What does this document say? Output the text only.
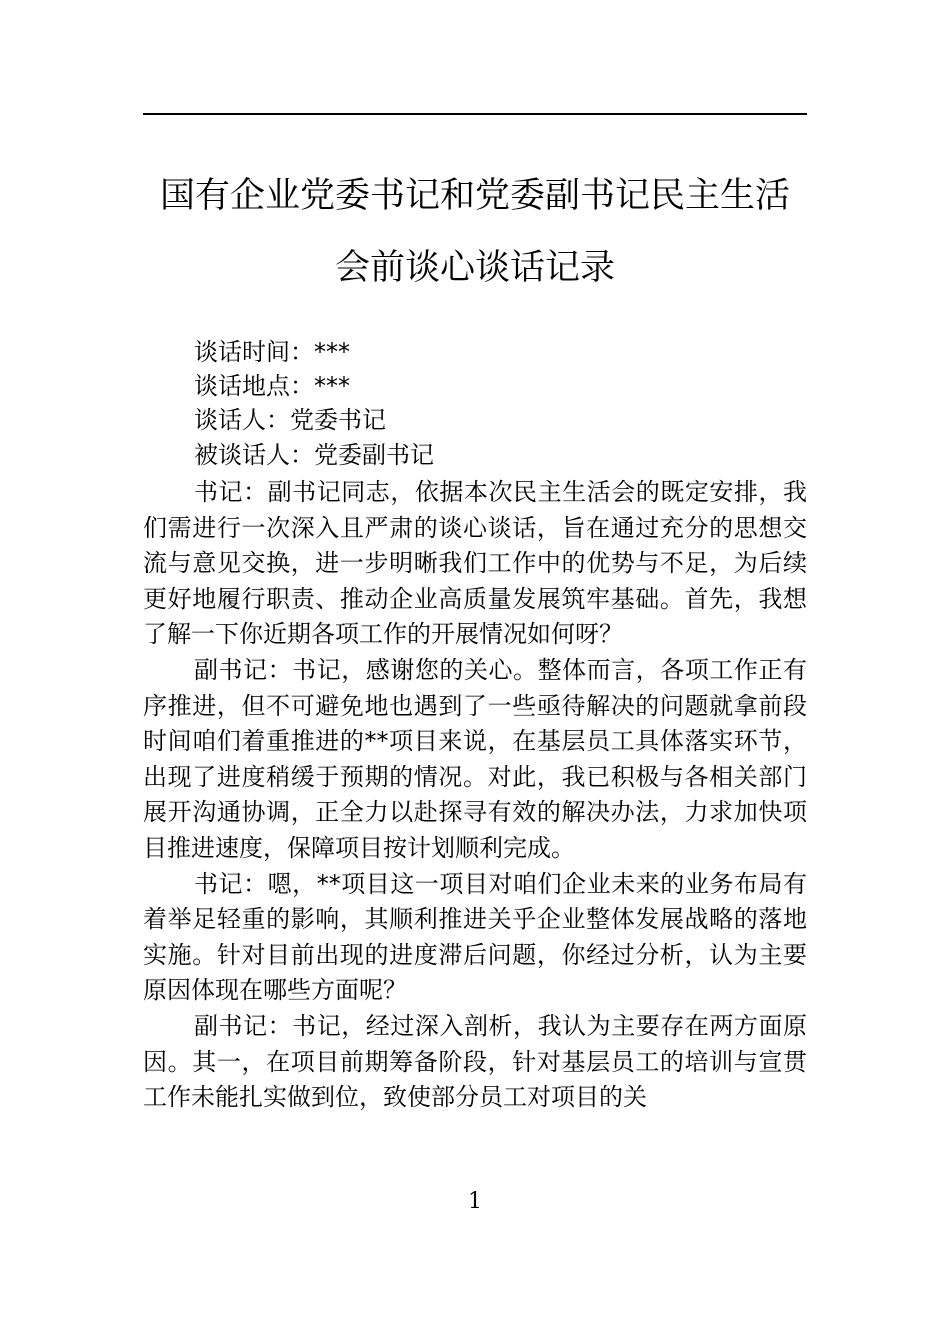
国有企业党委书记和党委副书记民主生活
会前谈心谈话记录
谈话时间：***
谈话地点：***
谈话人：党委书记
被谈话人：党委副书记

书记：副书记同志，依据本次民主生活会的既定安排，我们需进行一次深入且严肃的谈心谈话，旨在通过充分的思想交流与意见交换，进一步明晰我们工作中的优势与不足，为后续更好地履行职责、推动企业高质量发展筑牢基础。首先，我想了解一下你近期各项工作的开展情况如何呀？

副书记：书记，感谢您的关心。整体而言，各项工作正有序推进，但不可避免地也遇到了一些亟待解决的问题就拿前段时间咱们着重推进的**项目来说，在基层员工具体落实环节，出现了进度稍缓于预期的情况。对此，我已积极与各相关部门展开沟通协调，正全力以赴探寻有效的解决办法，力求加快项目推进速度，保障项目按计划顺利完成。

书记：嗯，**项目这一项目对咱们企业未来的业务布局有着举足轻重的影响，其顺利推进关乎企业整体发展战略的落地实施。针对目前出现的进度滞后问题，你经过分析，认为主要原因体现在哪些方面呢？

副书记：书记，经过深入剖析，我认为主要存在两方面原因。其一，在项目前期筹备阶段，针对基层员工的培训与宣贯工作未能扎实做到位，致使部分员工对项目的关

1
